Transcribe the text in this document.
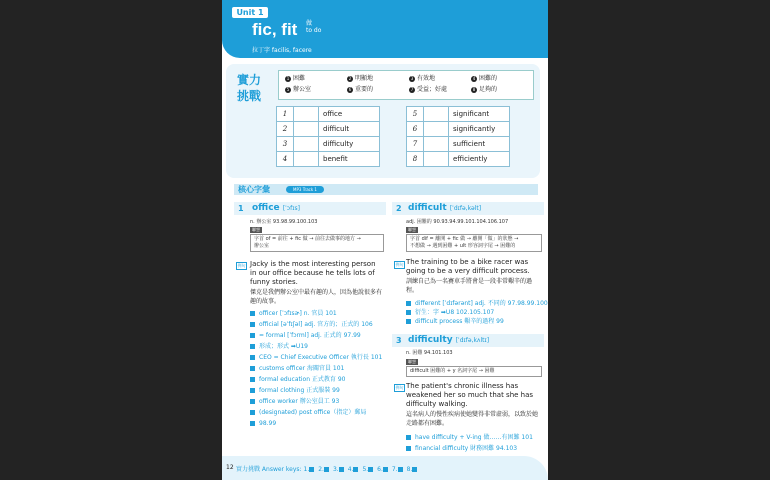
Unit 1
fic, fit 做
to do
拉丁字 facilis, facere
實力挑戰
1 困難	2 明顯地	3 有效地	4 困難的
5 辦公室	6 重要的	7 受益；好處	8 足夠的
1		office
2		difficult
3		difficulty
4		benefit
5		significant
6		significantly
7		sufficient
8		efficiently
核心字彙	MP3 Track 1
1 office [ˈɔfɪs]
n. 辦公室 93.98.99.100.103
聯想
字首 of = 前往 + fic 做 → 前往去做事的地方 →
辦公室
例句 Jacky is the most interesting person in our office because he tells lots of funny stories.
傑克是我們辦公室中最有趣的人，因為他說很多有趣的故事。
officer [ˈɔfɪsɚ] n. 官員 101
official [əˈfɪʃəl] adj. 官方的；正式的 106
= formal [ˈfɔrml] adj. 正式的 97.99
形成；形式 ➡U19
CEO = Chief Executive Officer 執行長 101
customs officer 海關官員 101
formal education 正式教育 90
formal clothing 正式服裝 99
office worker 辦公室員工 93
(designated) post office（指定）郵局
98.99
2 difficult [ˈdɪfə,kəlt]
adj. 困難的 90.93.94.99.101.104.106.107
聯想
字首 dif = 離開 + fic 做 → 離開「做」的狀態 →
不想做 → 遇到困難 + ult 形容詞字尾 → 困難的
例句 The training to be a bike racer was going to be a very difficult process.
訓練自己為一名賽車手將會是一段非常艱辛的過程。
different [ˈdɪfərənt] adj. 不同的 97.98.99.100
衍生：字 ➡U8 102.105.107
difficult process 艱辛的過程 99
3 difficulty [ˈdɪfə,kʌltɪ]
n. 困難 94.101.103
聯想
difficult 困難的 + y 名詞字尾 → 困難
例句 The patient's chronic illness has weakened her so much that she has difficulty walking.
這名病人的慢性疾病使她變得非常虛弱，以致於她走路都有困難。
have difficulty + V-ing 做……有困難 101
financial difficulty 財務困難 94.103
12 實力挑戰 Answer keys: 1. 2. 3. 4. 5. 6. 7. 8.
